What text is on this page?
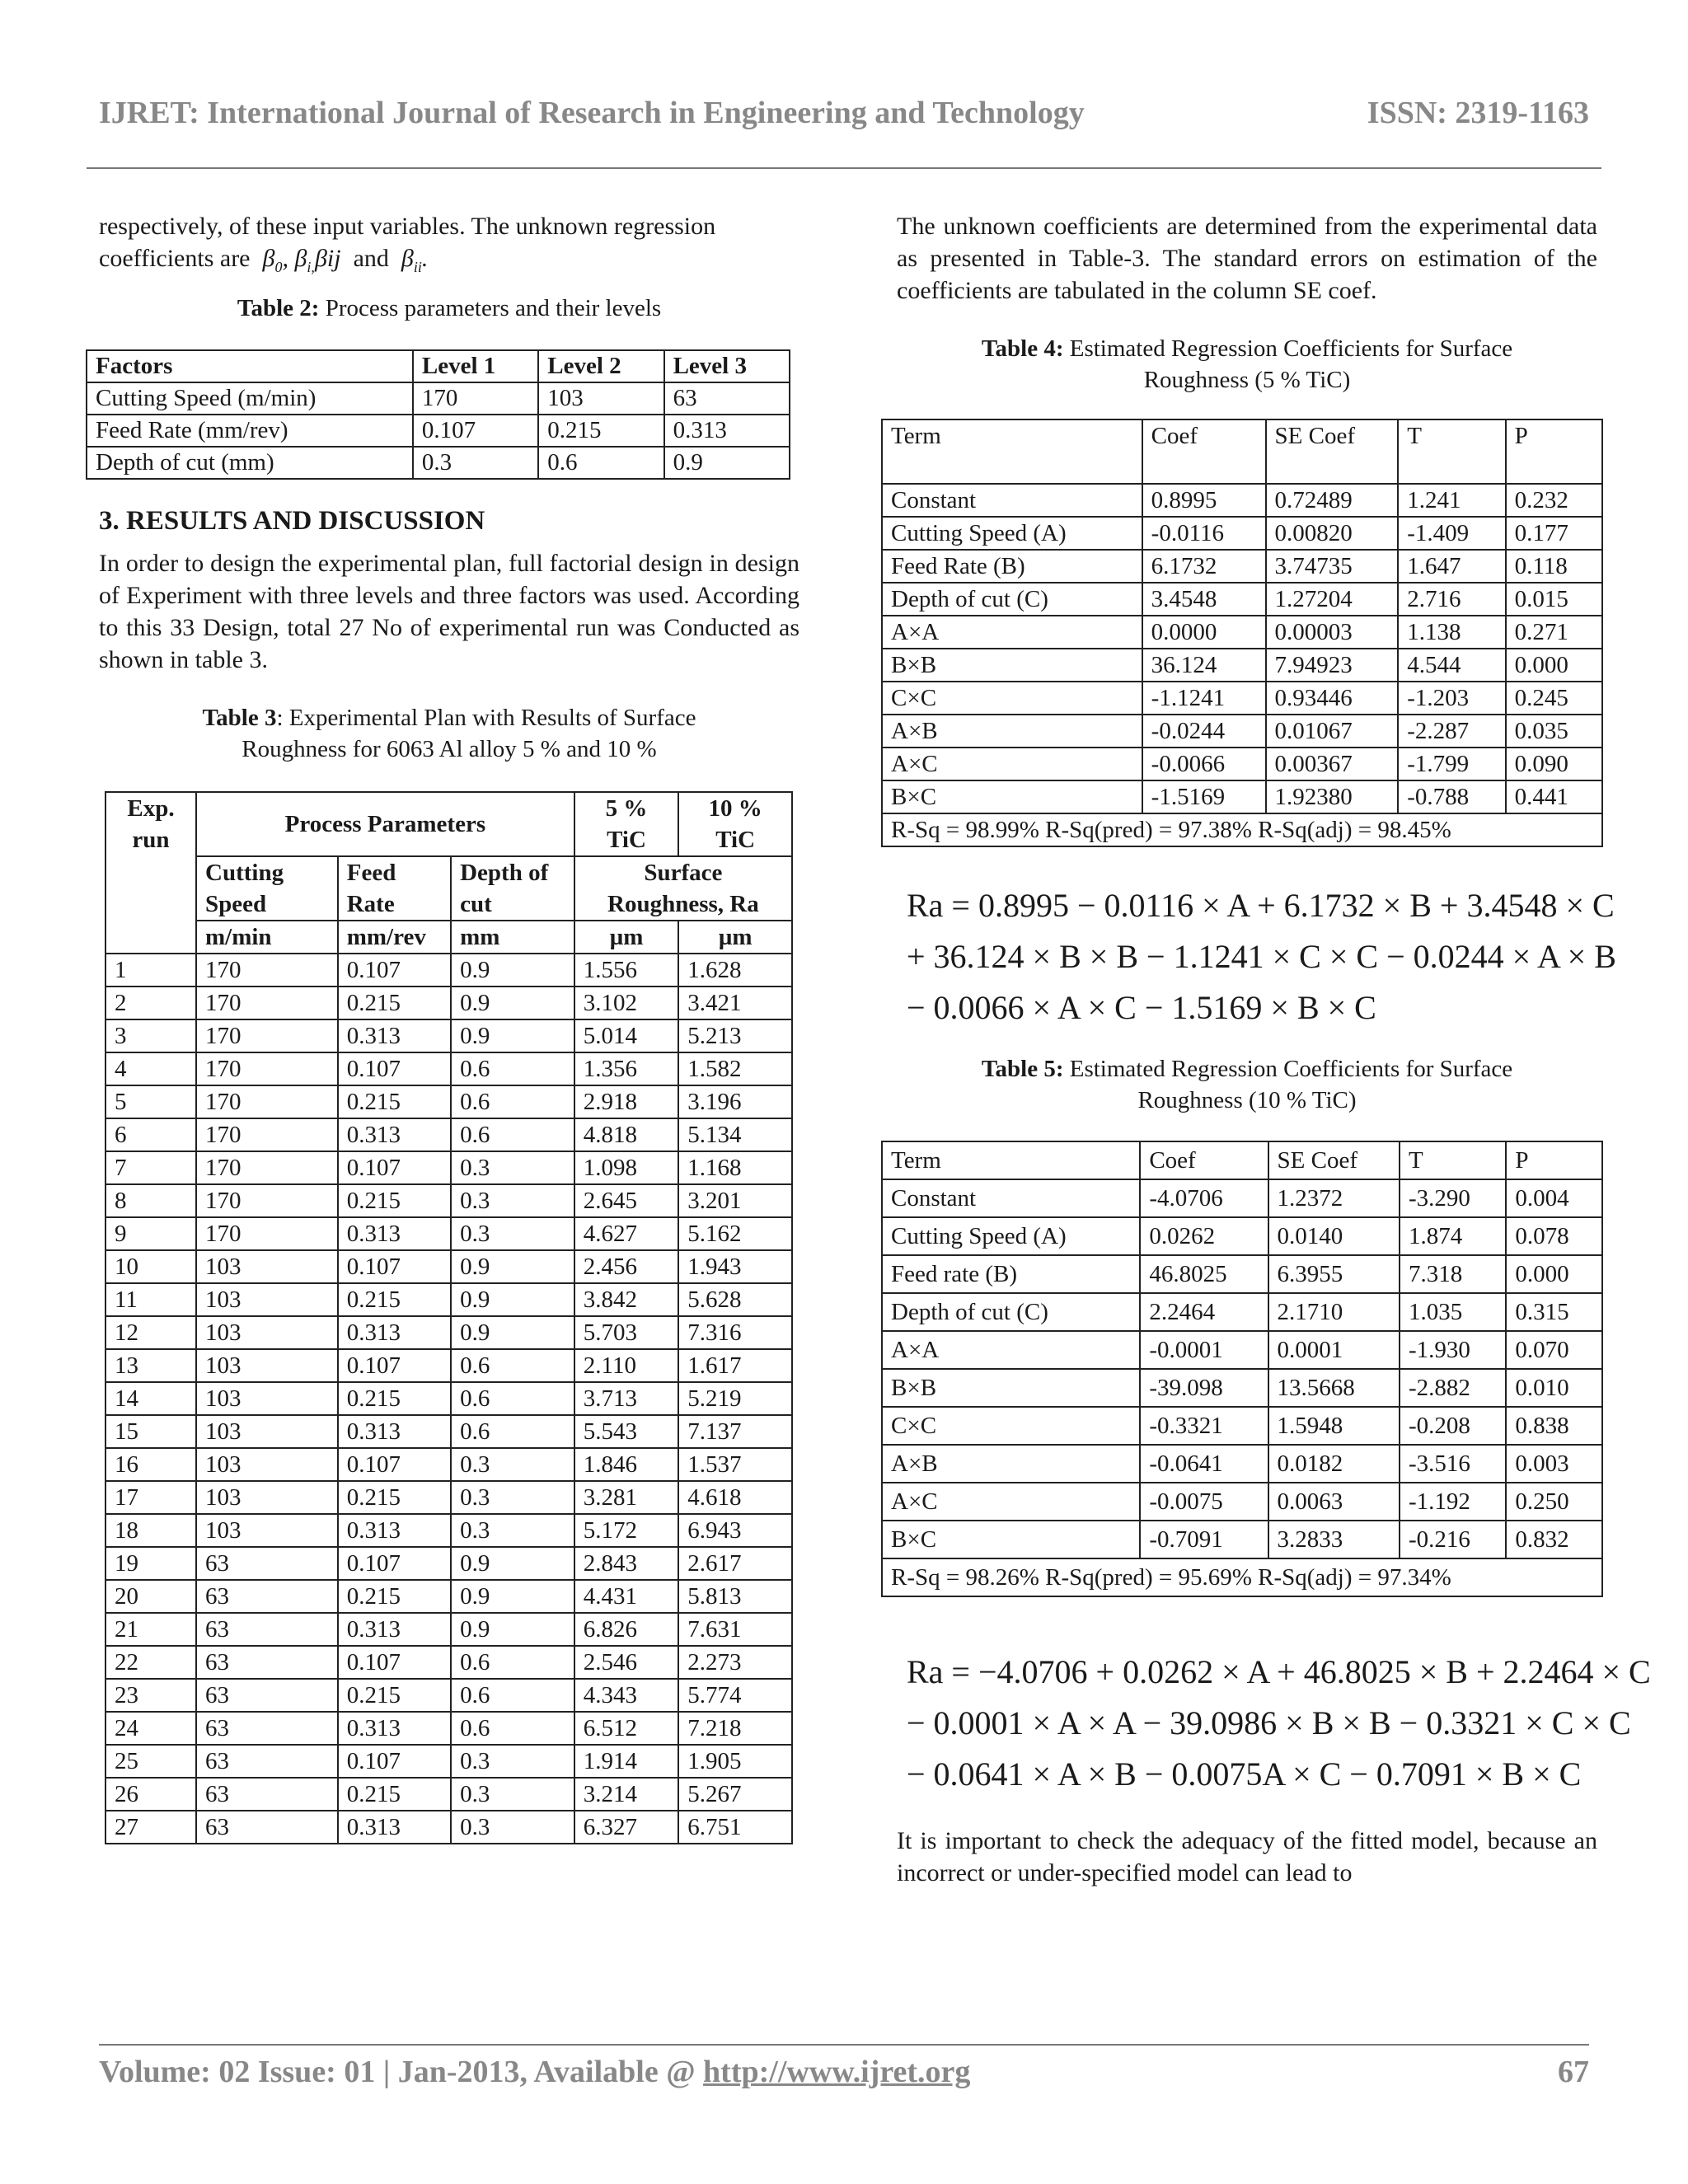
IJRET: International Journal of Research in Engineering and Technology	ISSN: 2319-1163

respectively, of these input variables. The unknown regression coefficients are  $\beta_0$, $\beta_{i,}\beta ij$  and  $\beta_{ii}$.

Table 2: Process parameters and their levels
Factors	Level 1	Level 2	Level 3
Cutting Speed (m/min)	170	103	63
Feed Rate (mm/rev)	0.107	0.215	0.313
Depth of cut (mm)	0.3	0.6	0.9
3. RESULTS AND DISCUSSION

In order to design the experimental plan, full factorial design in design of Experiment with three levels and three factors was used. According to this 33 Design, total 27 No of experimental run was Conducted as shown in table 3.

Table 3: Experimental Plan with Results of Surface
Roughness for 6063 Al alloy 5 % and 10 %
Exp. run	Process Parameters			5 % TiC	10 % TiC
	Cutting Speed	Feed Rate	Depth of cut	Surface Roughness, Ra	
	m/min	mm/rev	mm	µm	µm
1	170	0.107	0.9	1.556	1.628
2	170	0.215	0.9	3.102	3.421
3	170	0.313	0.9	5.014	5.213
4	170	0.107	0.6	1.356	1.582
5	170	0.215	0.6	2.918	3.196
6	170	0.313	0.6	4.818	5.134
7	170	0.107	0.3	1.098	1.168
8	170	0.215	0.3	2.645	3.201
9	170	0.313	0.3	4.627	5.162
10	103	0.107	0.9	2.456	1.943
11	103	0.215	0.9	3.842	5.628
12	103	0.313	0.9	5.703	7.316
13	103	0.107	0.6	2.110	1.617
14	103	0.215	0.6	3.713	5.219
15	103	0.313	0.6	5.543	7.137
16	103	0.107	0.3	1.846	1.537
17	103	0.215	0.3	3.281	4.618
18	103	0.313	0.3	5.172	6.943
19	63	0.107	0.9	2.843	2.617
20	63	0.215	0.9	4.431	5.813
21	63	0.313	0.9	6.826	7.631
22	63	0.107	0.6	2.546	2.273
23	63	0.215	0.6	4.343	5.774
24	63	0.313	0.6	6.512	7.218
25	63	0.107	0.3	1.914	1.905
26	63	0.215	0.3	3.214	5.267
27	63	0.313	0.3	6.327	6.751

The unknown coefficients are determined from the experimental data as presented in Table-3. The standard errors on estimation of the coefficients are tabulated in the column SE coef.

Table 4: Estimated Regression Coefficients for Surface
Roughness (5 % TiC)
Term	Coef	SE Coef	T	P
Constant	0.8995	0.72489	1.241	0.232
Cutting Speed (A)	-0.0116	0.00820	-1.409	0.177
Feed Rate (B)	6.1732	3.74735	1.647	0.118
Depth of cut (C)	3.4548	1.27204	2.716	0.015
A×A	0.0000	0.00003	1.138	0.271
B×B	36.124	7.94923	4.544	0.000
C×C	-1.1241	0.93446	-1.203	0.245
A×B	-0.0244	0.01067	-2.287	0.035
A×C	-0.0066	0.00367	-1.799	0.090
B×C	-1.5169	1.92380	-0.788	0.441
R-Sq = 98.99% R-Sq(pred) = 97.38% R-Sq(adj) = 98.45%				
Ra = 0.8995 − 0.0116 × A + 6.1732 × B + 3.4548 × C
+ 36.124 × B × B − 1.1241 × C × C − 0.0244 × A × B
− 0.0066 × A × C − 1.5169 × B × C
Table 5: Estimated Regression Coefficients for Surface
Roughness (10 % TiC)
Term	Coef	SE Coef	T	P
Constant	-4.0706	1.2372	-3.290	0.004
Cutting Speed (A)	0.0262	0.0140	1.874	0.078
Feed rate (B)	46.8025	6.3955	7.318	0.000
Depth of cut (C)	2.2464	2.1710	1.035	0.315
A×A	-0.0001	0.0001	-1.930	0.070
B×B	-39.098	13.5668	-2.882	0.010
C×C	-0.3321	1.5948	-0.208	0.838
A×B	-0.0641	0.0182	-3.516	0.003
A×C	-0.0075	0.0063	-1.192	0.250
B×C	-0.7091	3.2833	-0.216	0.832
R-Sq = 98.26% R-Sq(pred) = 95.69% R-Sq(adj) = 97.34%				
Ra = −4.0706 + 0.0262 × A + 46.8025 × B + 2.2464 × C
− 0.0001 × A × A − 39.0986 × B × B − 0.3321 × C × C
− 0.0641 × A × B − 0.0075A × C − 0.7091 × B × C

It is important to check the adequacy of the fitted model, because an incorrect or under-specified model can lead to

Volume: 02 Issue: 01 | Jan-2013, Available @ http://www.ijret.org	67
